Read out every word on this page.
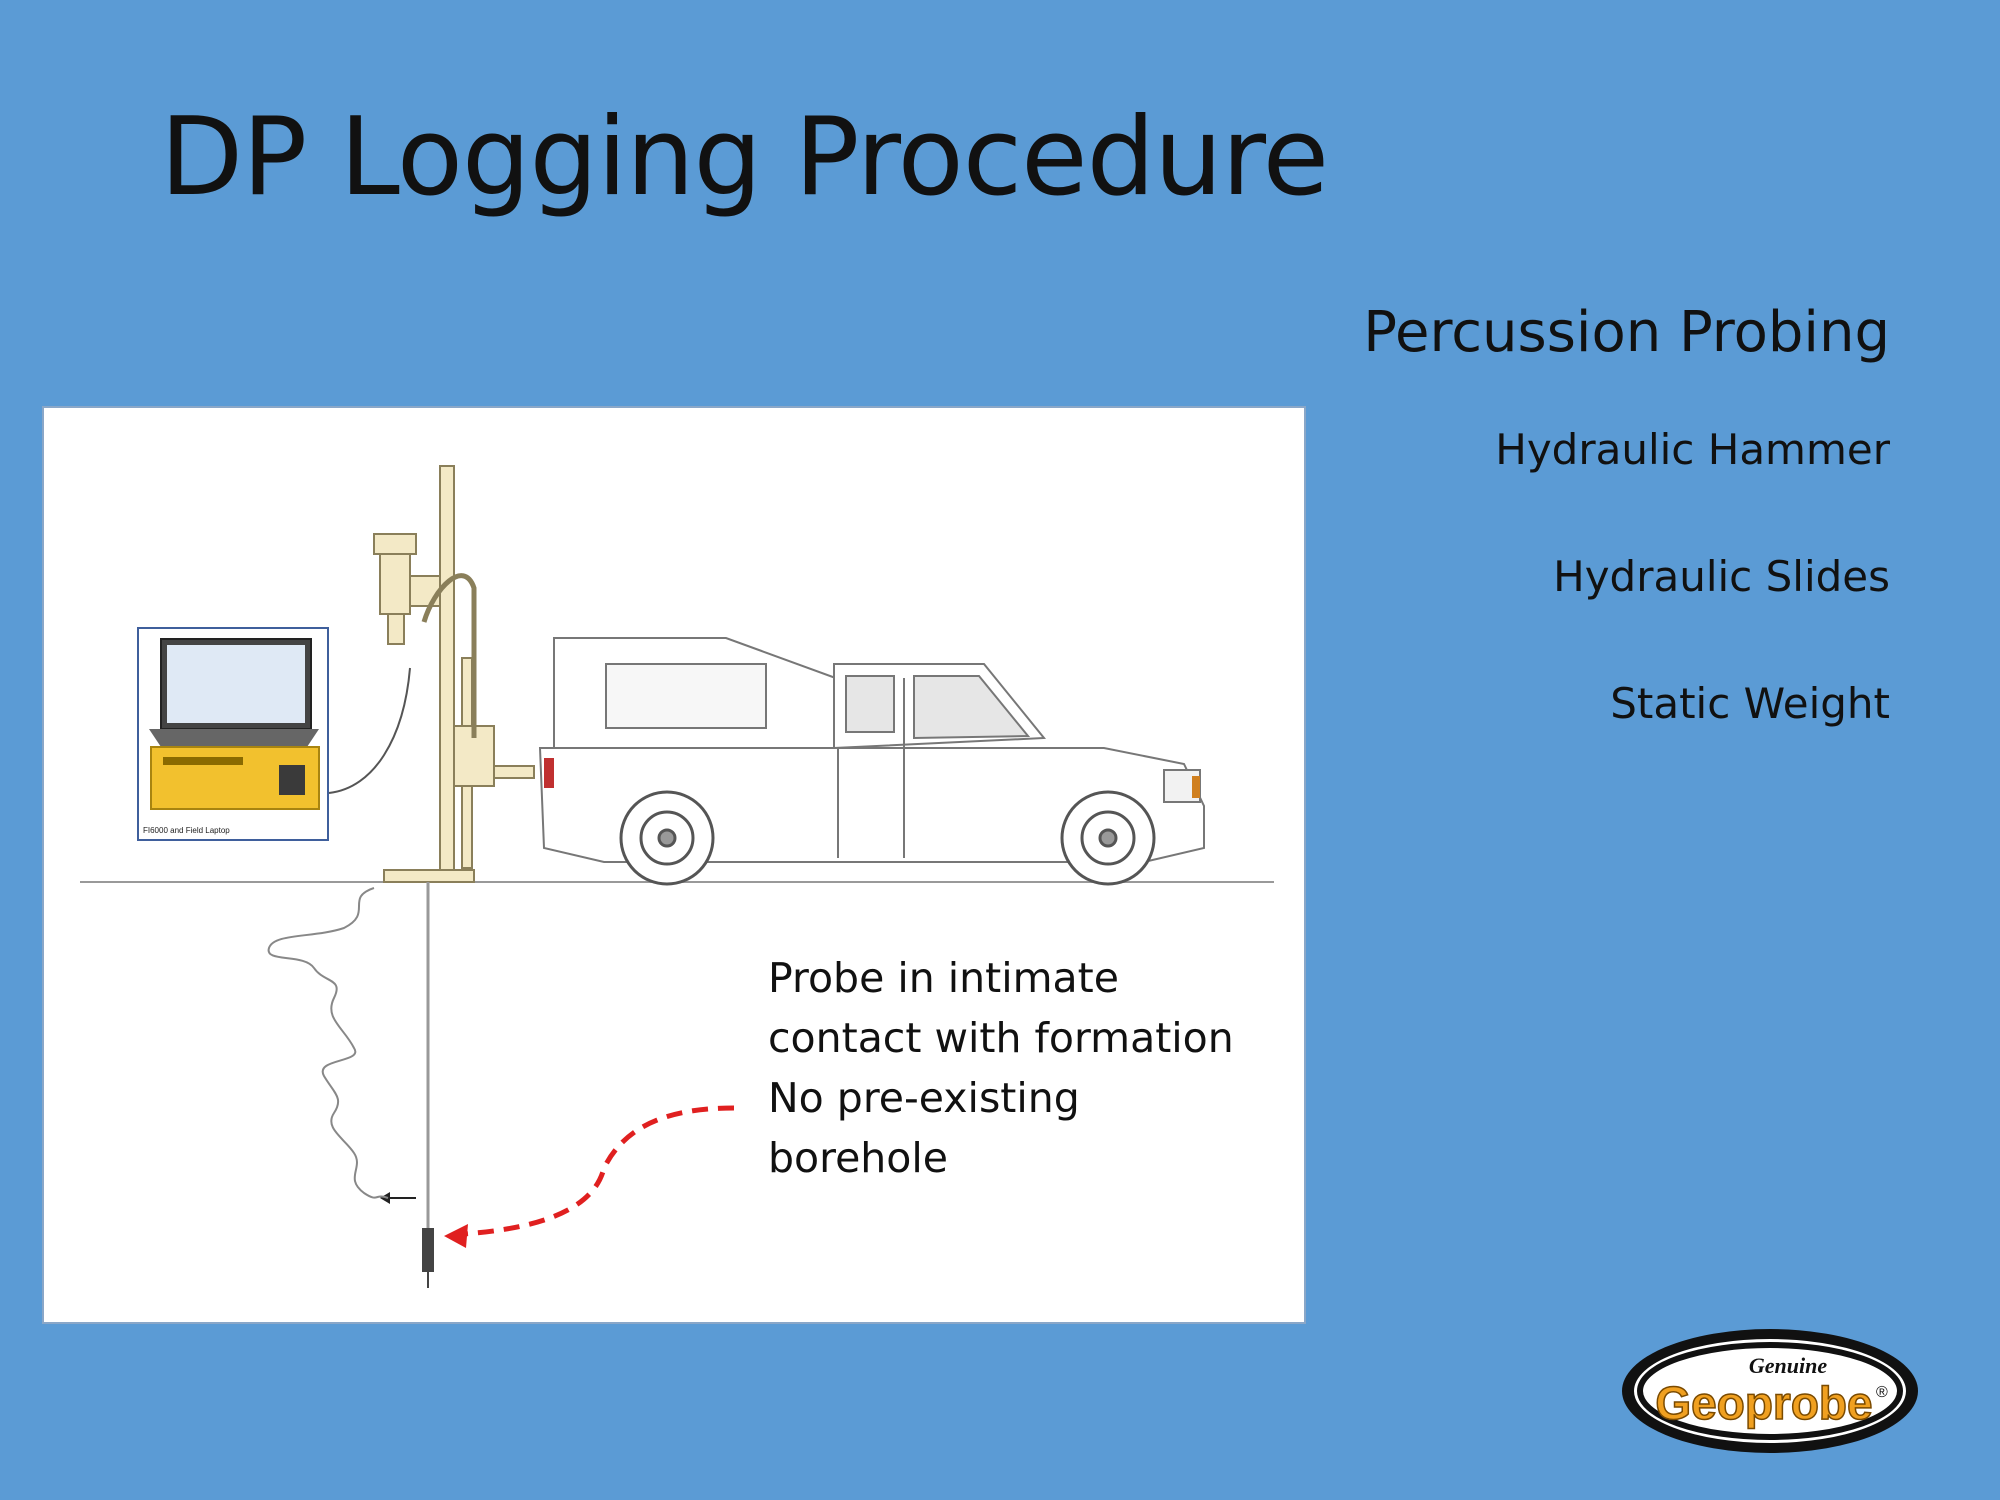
DP Logging Procedure
Percussion Probing
Hydraulic Hammer
Hydraulic Slides
Static Weight
FI6000 and Field Laptop
Probe in intimate
contact with formation
No pre-existing
borehole
Genuine
Geoprobe ®
